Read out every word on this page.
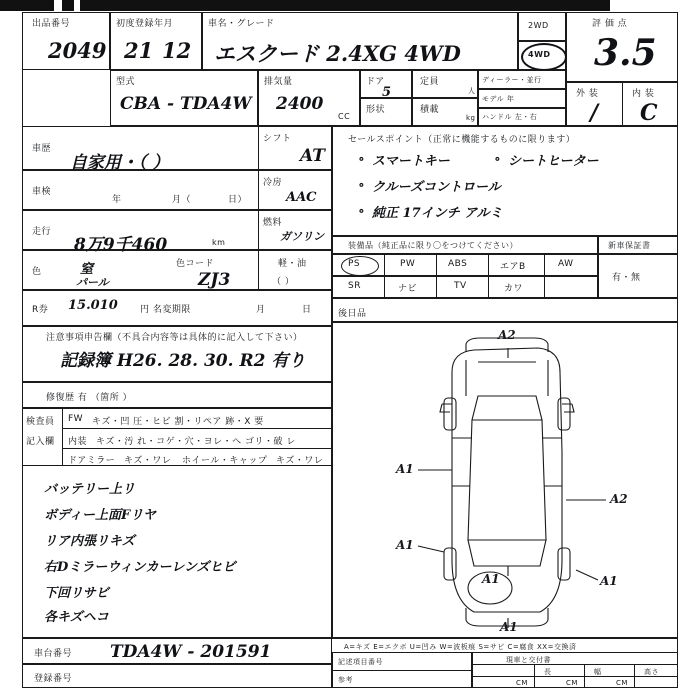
出品番号
2049
初度登録年月
21 12
車名・グレード
エスクード 2.4XG 4WD
2WD
4WD
評 価 点
3.5
型式
CBA - TDA4W
排気量
2400
CC
ドア
5
定員
人
形状	積載
kg
ディーラー・並行
モデル 年
ハンドル 左・右
外 装	内 装
/ C
車歴
自家用・（ ）
車検
年	月（	日）
走行
8万9千460	km
色	窒
パール
色コード
ZJ3
R券 15.010 円 名変期限	月	日
シフト
AT
冷房
AAC
燃料
ガソリン
軽・油
（ ）
セールスポイント（正常に機能するものに限ります）
∘ スマートキー	∘ シートヒーター
∘ クルーズコントロール
∘ 純正 17インチ アルミ
装備品（純正品に限り〇をつけてください）	新車保証書
PS	PW	ABS	エアB	AW
SR	ナビ	TV	カワ
有・無
後日品
注意事項申告欄（不具合内容等は具体的に記入して下さい）
記録簿 H26. 28. 30. R2 有り
修復歴 有 （箇所 ）
検査員
記入欄
FW キズ・凹 圧・ヒビ 割・リペア 跡・X 要
内装 キズ・汚 れ・コゲ・穴・ヨレ・へ ゴリ・破 レ
ドアミラー キズ・ワレ ホイール・キャップ キズ・ワレ
バッテリー上リ
ボディー上面Fリヤ
リア内張リキズ
右Dミラーウィンカーレンズヒビ
下回リサビ
各キズヘコ
A2
A1
A2
A1
A1	A1
A1
A=キズ E=エクボ U=凹み W=波板痕 S=サビ C=腐食 XX=交換済
車台番号 TDA4W - 201591
登録番号
記述項目番号
参考
現車と交付書
長	幅	高さ
CM	CM	CM
